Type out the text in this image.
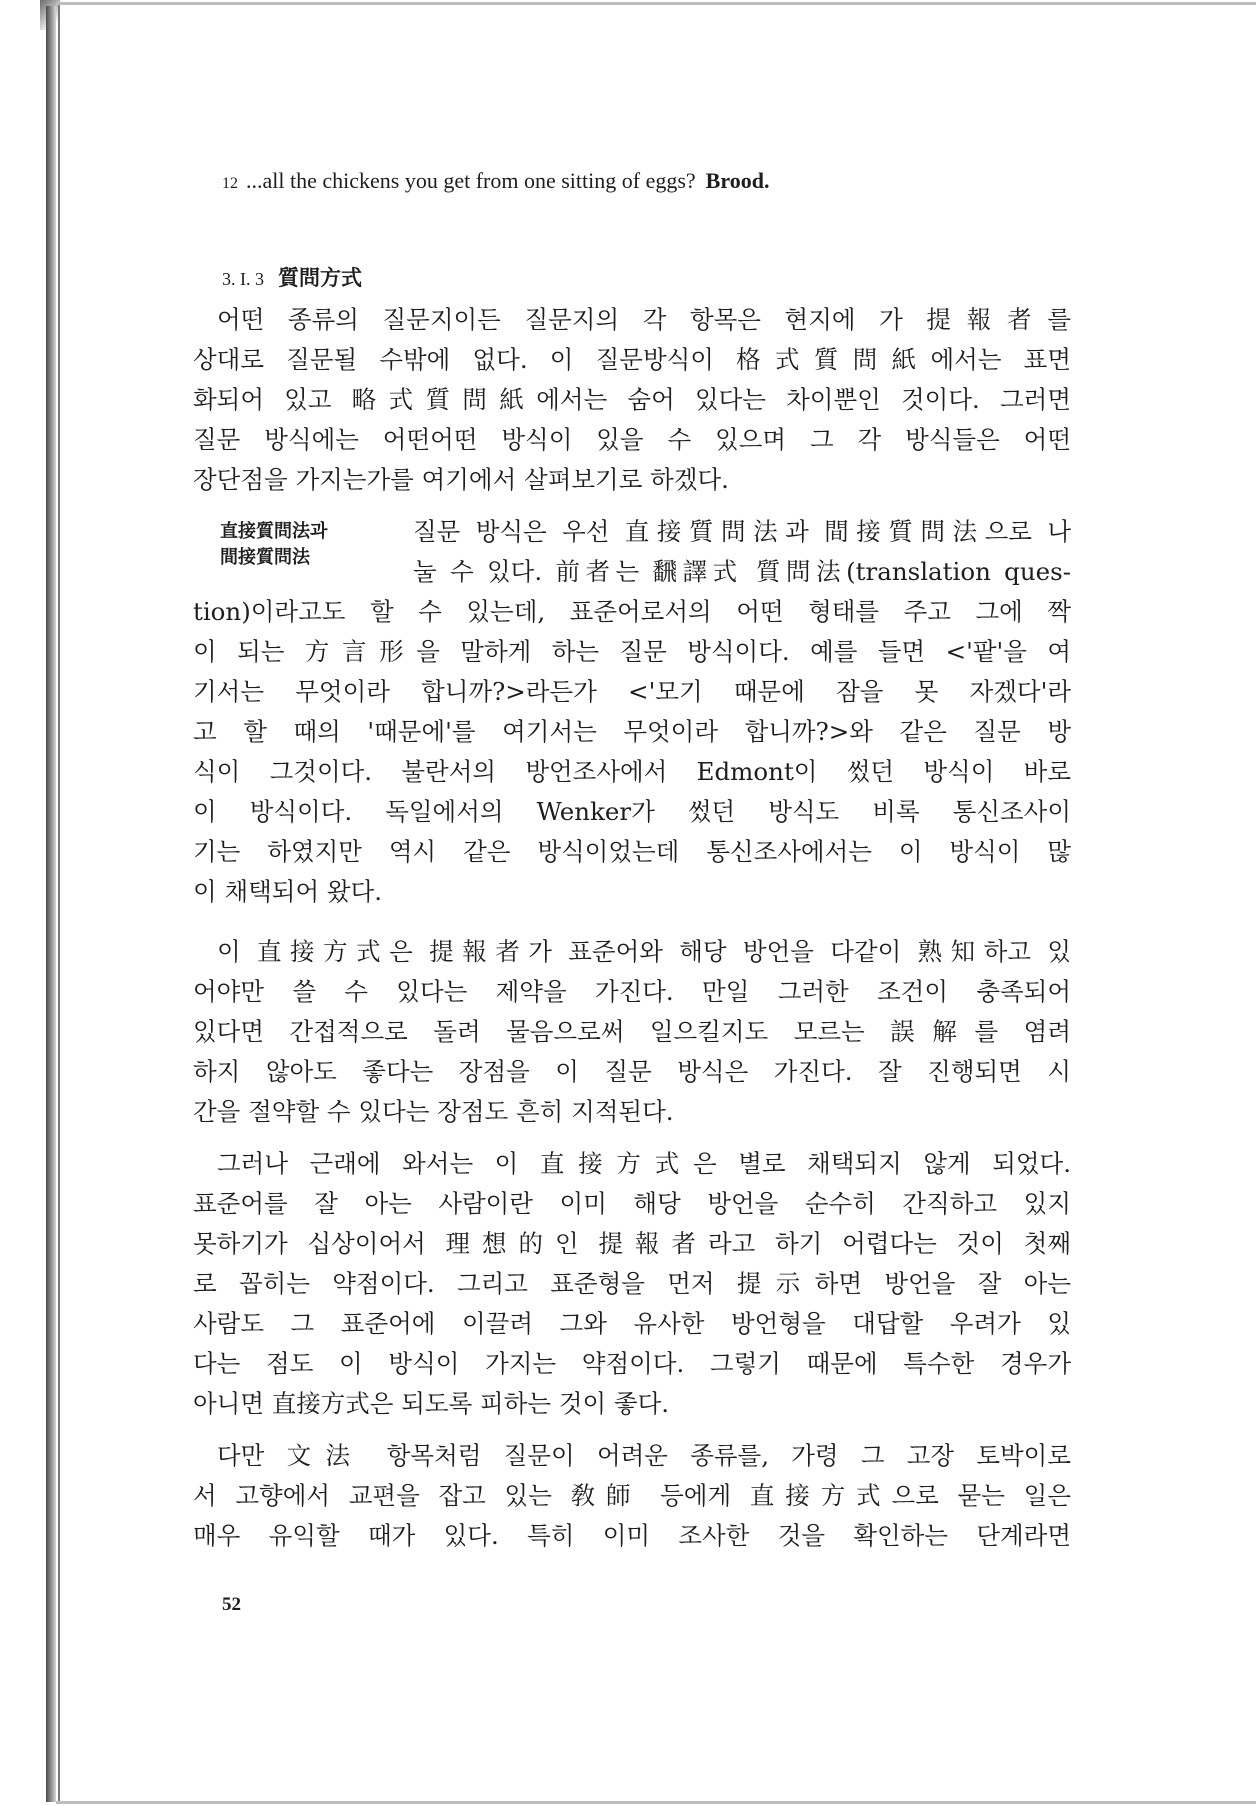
12 ...all the chickens you get from one sitting of eggs? Brood.
3. I. 3 質問方式
어떤 종류의 질문지이든 질문지의 각 항목은 현지에 가 提報者를
상대로 질문될 수밖에 없다. 이 질문방식이 格式質問紙에서는 표면
화되어 있고 略式質問紙에서는 숨어 있다는 차이뿐인 것이다. 그러면
질문 방식에는 어떤어떤 방식이 있을 수 있으며 그 각 방식들은 어떤
장단점을 가지는가를 여기에서 살펴보기로 하겠다.
直接質問法과
間接質問法
질문 방식은 우선 直接質問法과 間接質問法으로 나
눌 수 있다. 前者는 飜譯式 質問法(translation ques-
tion)이라고도 할 수 있는데, 표준어로서의 어떤 형태를 주고 그에 짝
이 되는 方言形을 말하게 하는 질문 방식이다. 예를 들면 <'팥'을 여
기서는 무엇이라 합니까?>라든가 <'모기 때문에 잠을 못 자겠다'라
고 할 때의 '때문에'를 여기서는 무엇이라 합니까?>와 같은 질문 방
식이 그것이다. 불란서의 방언조사에서 Edmont이 썼던 방식이 바로
이 방식이다. 독일에서의 Wenker가 썼던 방식도 비록 통신조사이
기는 하였지만 역시 같은 방식이었는데 통신조사에서는 이 방식이 많
이 채택되어 왔다.
이 直接方式은 提報者가 표준어와 해당 방언을 다같이 熟知하고 있
어야만 쓸 수 있다는 제약을 가진다. 만일 그러한 조건이 충족되어
있다면 간접적으로 돌려 물음으로써 일으킬지도 모르는 誤解를 염려
하지 않아도 좋다는 장점을 이 질문 방식은 가진다. 잘 진행되면 시
간을 절약할 수 있다는 장점도 흔히 지적된다.
그러나 근래에 와서는 이 直接方式은 별로 채택되지 않게 되었다.
표준어를 잘 아는 사람이란 이미 해당 방언을 순수히 간직하고 있지
못하기가 십상이어서 理想的인 提報者라고 하기 어렵다는 것이 첫째
로 꼽히는 약점이다. 그리고 표준형을 먼저 提示하면 방언을 잘 아는
사람도 그 표준어에 이끌려 그와 유사한 방언형을 대답할 우려가 있
다는 점도 이 방식이 가지는 약점이다. 그렇기 때문에 특수한 경우가
아니면 直接方式은 되도록 피하는 것이 좋다.
다만 文法 항목처럼 질문이 어려운 종류를, 가령 그 고장 토박이로
서 고향에서 교편을 잡고 있는 敎師 등에게 直接方式으로 묻는 일은
매우 유익할 때가 있다. 특히 이미 조사한 것을 확인하는 단계라면
52
